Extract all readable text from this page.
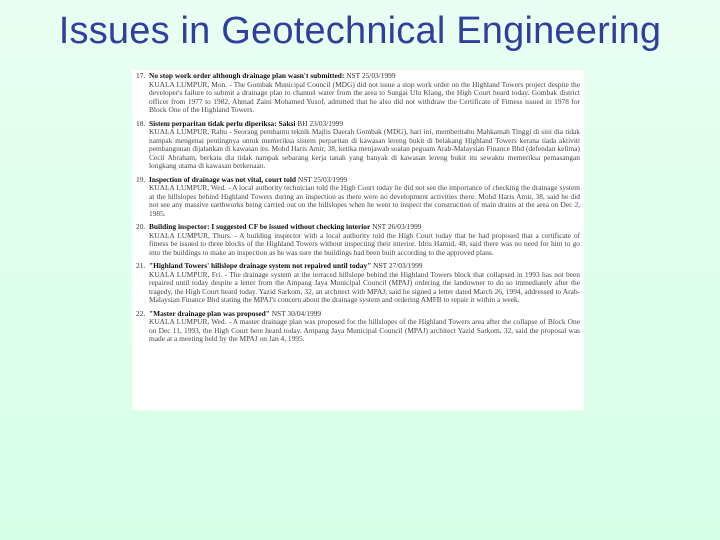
Issues in Geotechnical Engineering
17. No stop work order although drainage plan wasn't submitted: NST 25/03/1999
KUALA LUMPUR, Mon. - The Gombak Municipal Council (MDG) did not issue a stop work order on the Highland Towers project despite the developer's failure to submit a drainage plan to channel water from the area to Sungai Ulu Klang, the High Court heard today. Gombak district officer from 1977 to 1982, Ahmad Zaini Mohamed Yusof, admitted that he also did not withdraw the Certificate of Fitness issued in 1978 for Block One of the Highland Towers.
18. Sistem perparitan tidak perlu diperiksa: Saksi BH 23/03/1999
KUALA LUMPUR, Rabu - Seorang pembantu teknik Majlis Daerah Gombak (MDG), hari ini, memberitahu Mahkamah Tinggi di sini dia tidak nampak mengenai pentingnya untuk memeriksa sistem perparitan di kawasan lereng bukit di belakang Highland Towers kerana tiada aktiviti pembangunan dijalankan di kawasan itu. Mohd Haris Amir, 38, ketika menjawab soalan peguam Arab-Malaysian Finance Bhd (defendan kelima) Cecil Abraham, berkata dia tidak nampak sebarang kerja tanah yang banyak di kawasan lereng bukit itu sewaktu memeriksa pemasangan longkang utama di kawasan berkenaan.
19. Inspection of drainage was not vital, court told NST 25/03/1999
KUALA LUMPUR, Wed. - A local authority technician told the High Court today he did not see the importance of checking the drainage system at the hillslopes behind Highland Towers during an inspection as there were no development activities there. Mohd Haris Amir, 38, said he did not see any massive earthworks being carried out on the hillslopes when he went to inspect the construction of main drains at the area on Dec 2, 1985.
20. Building inspector: I suggested CF be issued without checking interior NST 26/03/1999
KUALA LUMPUR, Thurs. - A building inspector with a local authority told the High Court today that he had proposed that a certificate of fitness be issued to three blocks of the Highland Towers without inspecting their interior. Idris Hamid, 48, said there was no need for him to go into the buildings to make an inspection as he was sure the buildings had been built according to the approved plans.
21. "Highland Towers' hillslope drainage system not repaired until today" NST 27/03/1999
KUALA LUMPUR, Fri. - The drainage system at the terraced hillslope behind the Highland Towers block that collapsed in 1993 has not been repaired until today despite a letter from the Ampang Jaya Municipal Council (MPAJ) ordering the landowner to do so immediately after the tragedy, the High Court heard today. Yazid Sarkom, 32, an architect with MPAJ, said he signed a letter dated March 26, 1994, addressed to Arab-Malaysian Finance Bhd stating the MPAJ's concern about the drainage system and ordering AMFB to repair it within a week.
22. "Master drainage plan was proposed" NST 30/04/1999
KUALA LUMPUR, Wed. - A master drainage plan was proposed for the hillslopes of the Highland Towers area after the collapse of Block One on Dec 11, 1993, the High Court here heard today. Ampang Jaya Municipal Council (MPAJ) architect Yazid Sarkom, 32, said the proposal was made at a meeting held by the MPAJ on Jan 4, 1995.
